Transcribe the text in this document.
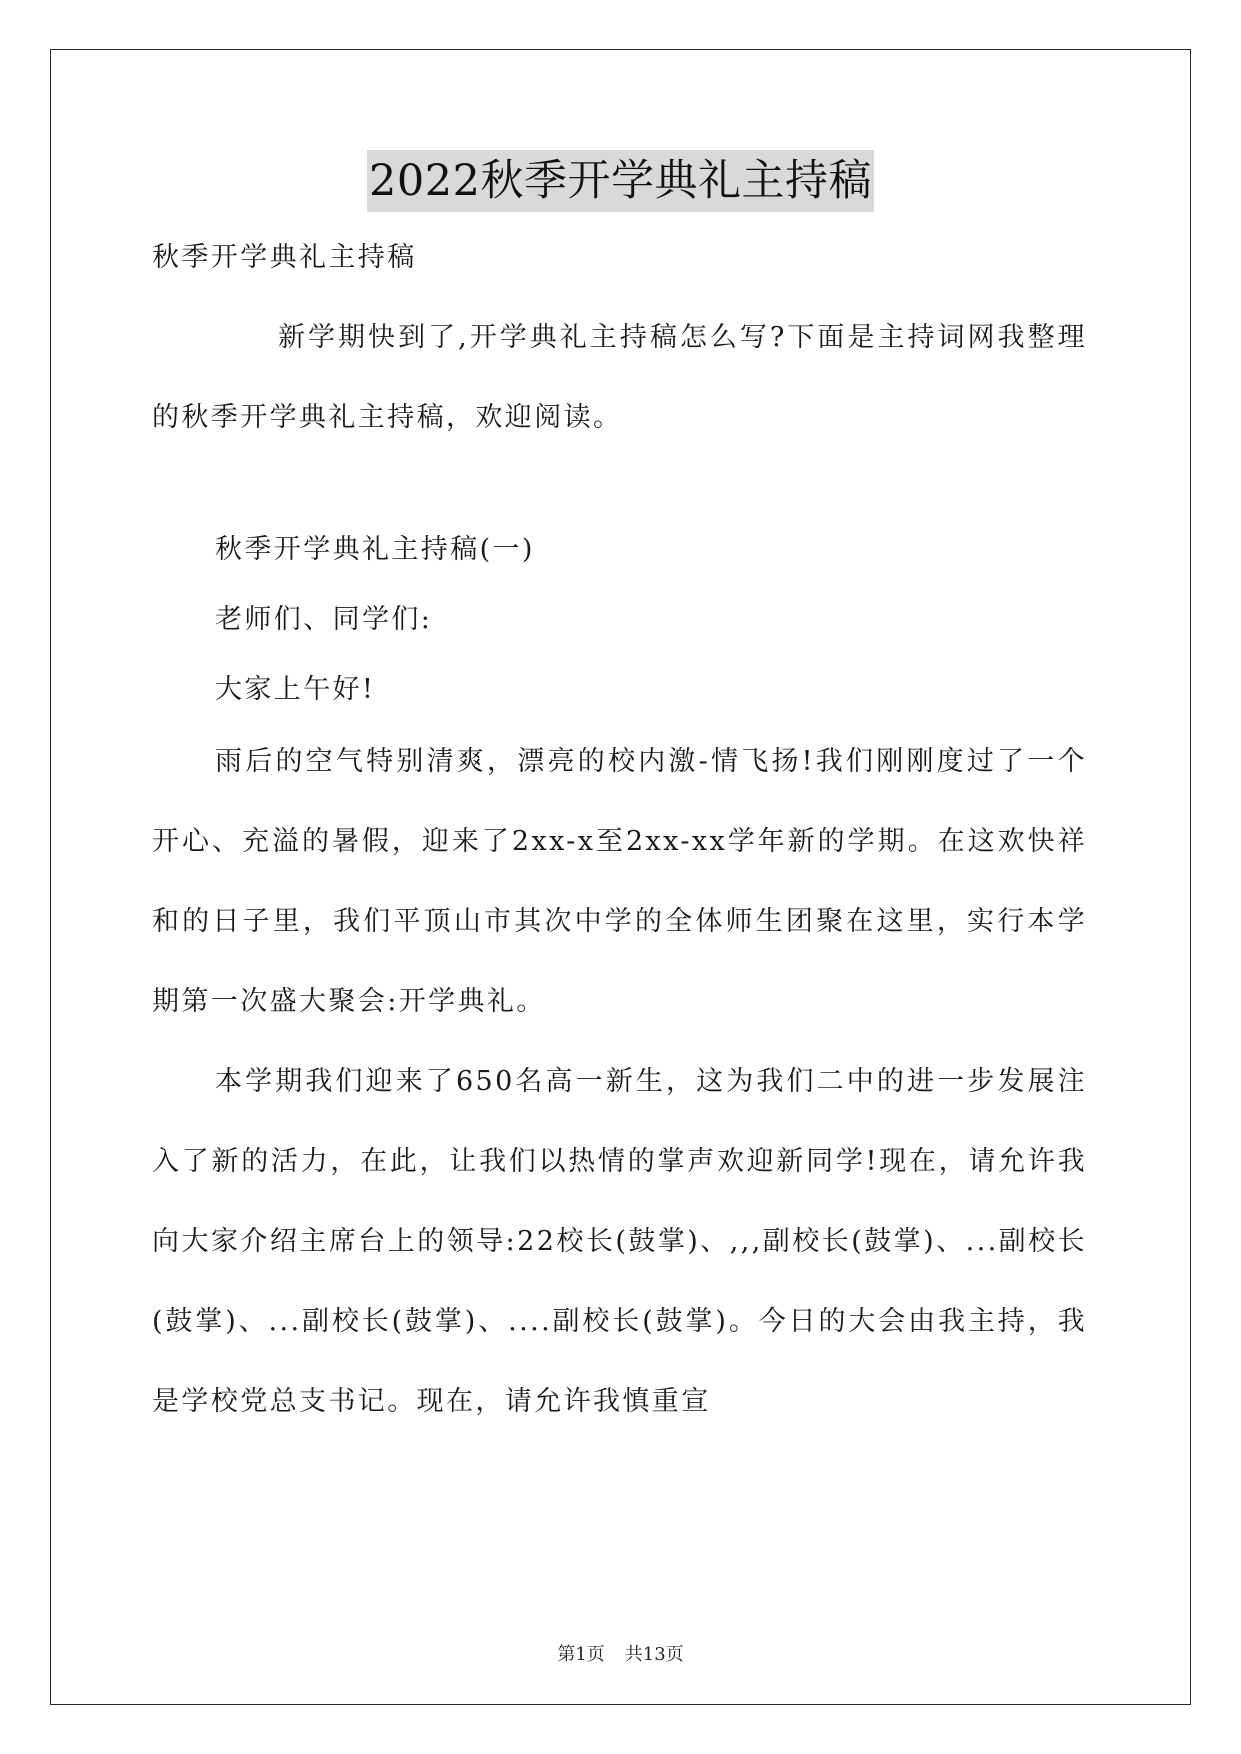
2022秋季开学典礼主持稿

秋季开学典礼主持稿

新学期快到了,开学典礼主持稿怎么写?下面是主持词网我整理的秋季开学典礼主持稿，欢迎阅读。

秋季开学典礼主持稿(一)

老师们、同学们:

大家上午好!

雨后的空气特别清爽，漂亮的校内激-情飞扬!我们刚刚度过了一个开心、充溢的暑假，迎来了2xx-x至2xx-xx学年新的学期。在这欢快祥和的日子里，我们平顶山市其次中学的全体师生团聚在这里，实行本学期第一次盛大聚会:开学典礼。

本学期我们迎来了650名高一新生，这为我们二中的进一步发展注入了新的活力，在此，让我们以热情的掌声欢迎新同学!现在，请允许我向大家介绍主席台上的领导:22校长(鼓掌)、,,,副校长(鼓掌)、...副校长(鼓掌)、...副校长(鼓掌)、....副校长(鼓掌)。今日的大会由我主持，我是学校党总支书记。现在，请允许我慎重宣

第1页 共13页
